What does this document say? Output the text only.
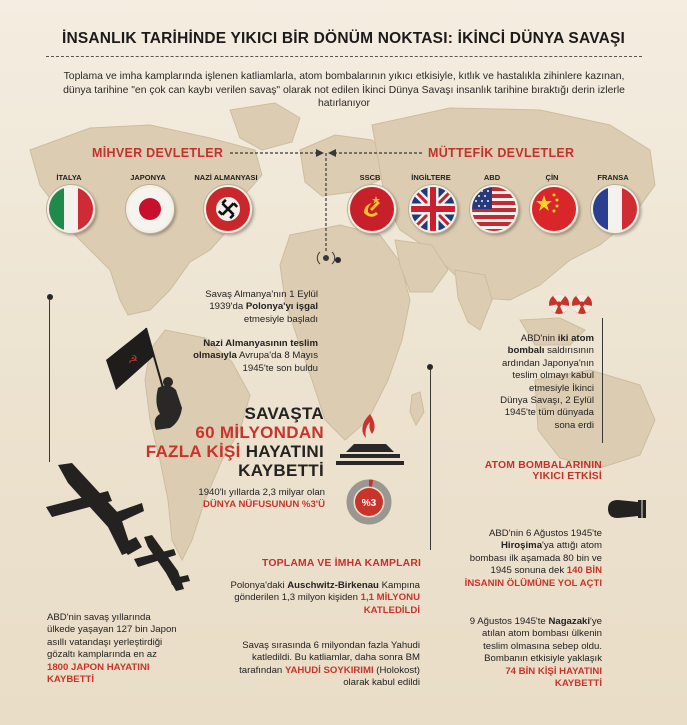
İNSANLIK TARİHİNDE YIKICI BİR DÖNÜM NOKTASI: İKİNCİ DÜNYA SAVAŞI
Toplama ve imha kamplarında işlenen katliamlarla, atom bombalarının yıkıcı etkisiyle, kıtlık ve hastalıkla zihinlere kazınan, dünya tarihine "en çok can kaybı verilen savaş" olarak not edilen İkinci Dünya Savaşı insanlık tarihine bıraktığı derin izlerle hatırlanıyor
MİHVER DEVLETLER	MÜTTEFİK DEVLETLER
İTALYA	JAPONYA	NAZİ ALMANYASI	SSCB	İNGİLTERE	ABD	ÇİN	FRANSA
Savaş Almanya'nın 1 Eylül
1939'da Polonya'yı işgal
etmesiyle başladı
Nazi Almanyasının teslim
olmasıyla Avrupa'da 8 Mayıs
1945'te son buldu
☭
SAVAŞTA
60 MİLYONDAN
FAZLA KİŞİ HAYATINI
KAYBETTİ
1940'lı yıllarda 2,3 milyar olan
DÜNYA NÜFUSUNUN %3'Ü	%3
TOPLAMA VE İMHA KAMPLARI
Polonya'daki Auschwitz-Birkenau Kampına
gönderilen 1,3 milyon kişiden 1,1 MİLYONU
KATLEDİLDİ
Savaş sırasında 6 milyondan fazla Yahudi
katledildi. Bu katliamlar, daha sonra BM
tarafından YAHUDİ SOYKIRIMI (Holokost)
olarak kabul edildi
ABD'nin iki atom
bombalı saldırısının
ardından Japonya'nın
teslim olmayı kabul
etmesiyle İkinci
Dünya Savaşı, 2 Eylül
1945'te tüm dünyada
sona erdi
ATOM BOMBALARININ
YIKICI ETKİSİ
ABD'nin 6 Ağustos 1945'te
Hiroşima'ya attığı atom
bombası ilk aşamada 80 bin ve
1945 sonuna dek 140 BİN
İNSANIN ÖLÜMÜNE YOL AÇTI
9 Ağustos 1945'te Nagazaki'ye
atılan atom bombası ülkenin
teslim olmasına sebep oldu.
Bombanın etkisiyle yaklaşık
74 BİN KİŞİ HAYATINI
KAYBETTİ
ABD'nin savaş yıllarında
ülkede yaşayan 127 bin Japon
asıllı vatandaşı yerleştirdiği
gözaltı kamplarında en az
1800 JAPON HAYATINI
KAYBETTİ
